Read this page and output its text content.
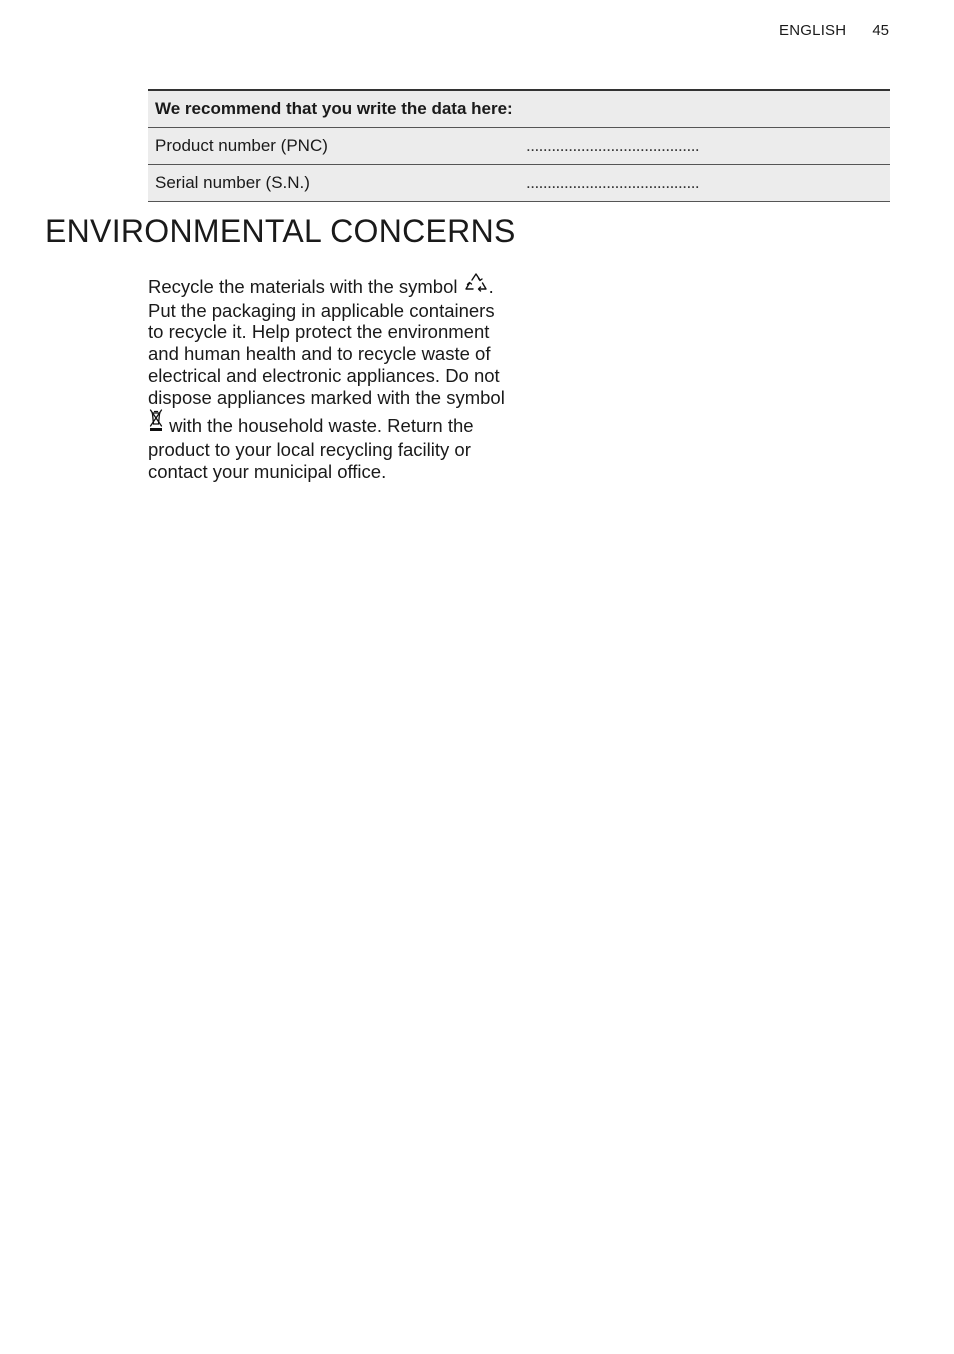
ENGLISH 45
We recommend that you write the data here:	
Product number (PNC)	.........................................
Serial number (S.N.)	.........................................
ENVIRONMENTAL CONCERNS

Recycle the materials with the symbol . Put the packaging in applicable containers to recycle it. Help protect the environment and human health and to recycle waste of electrical and electronic appliances. Do not dispose appliances marked with the symbol  with the household waste. Return the product to your local recycling facility or contact your municipal office.
